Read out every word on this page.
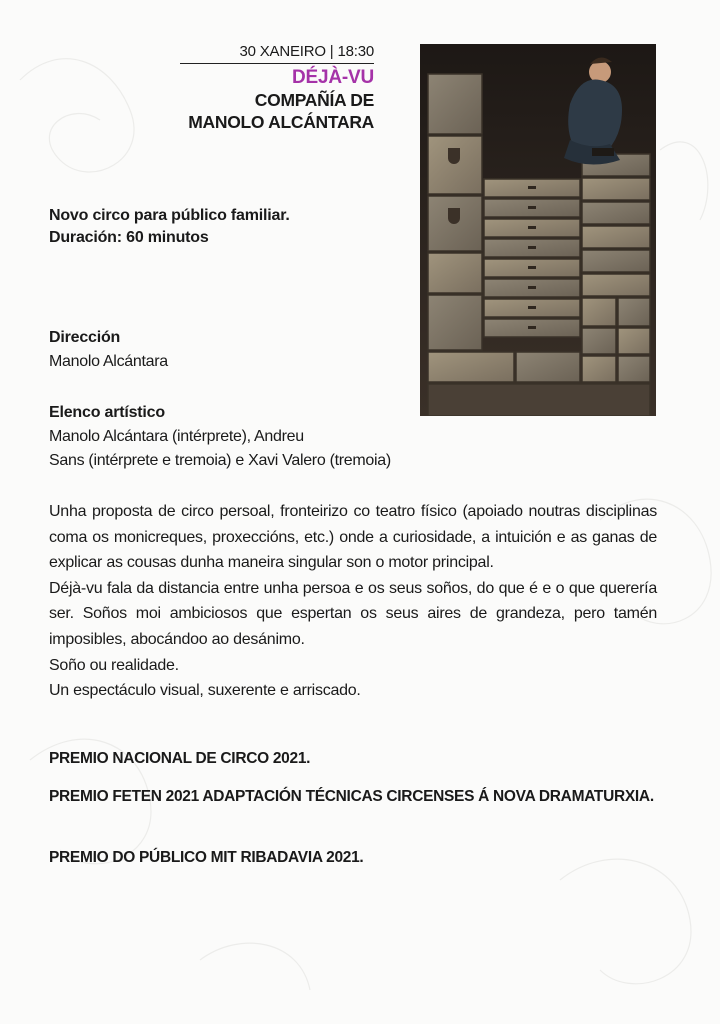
30 XANEIRO | 18:30
DÉJÀ-VU
COMPAÑÍA DE
MANOLO ALCÁNTARA
Novo circo para público familiar.
Duración: 60 minutos
Dirección
Manolo Alcántara
Elenco artístico
Manolo Alcántara (intérprete), Andreu
Sans (intérprete e tremoia) e Xavi Valero (tremoia)

Unha proposta de circo persoal, fronteirizo co teatro físico (apoiado noutras disciplinas coma os monicreques, proxeccións, etc.) onde a curiosidade, a intuición e as ganas de explicar as cousas dunha maneira singular son o motor principal.

Déjà-vu fala da distancia entre unha persoa e os seus soños, do que é e o que querería ser. Soños moi ambiciosos que espertan os seus aires de grandeza, pero tamén imposibles, abocándoo ao desánimo.

Soño ou realidade.

Un espectáculo visual, suxerente e arriscado.

PREMIO NACIONAL DE CIRCO 2021.
PREMIO FETEN 2021 ADAPTACIÓN TÉCNICAS CIRCENSES Á NOVA DRAMATURXIA.
PREMIO DO PÚBLICO MIT RIBADAVIA 2021.
